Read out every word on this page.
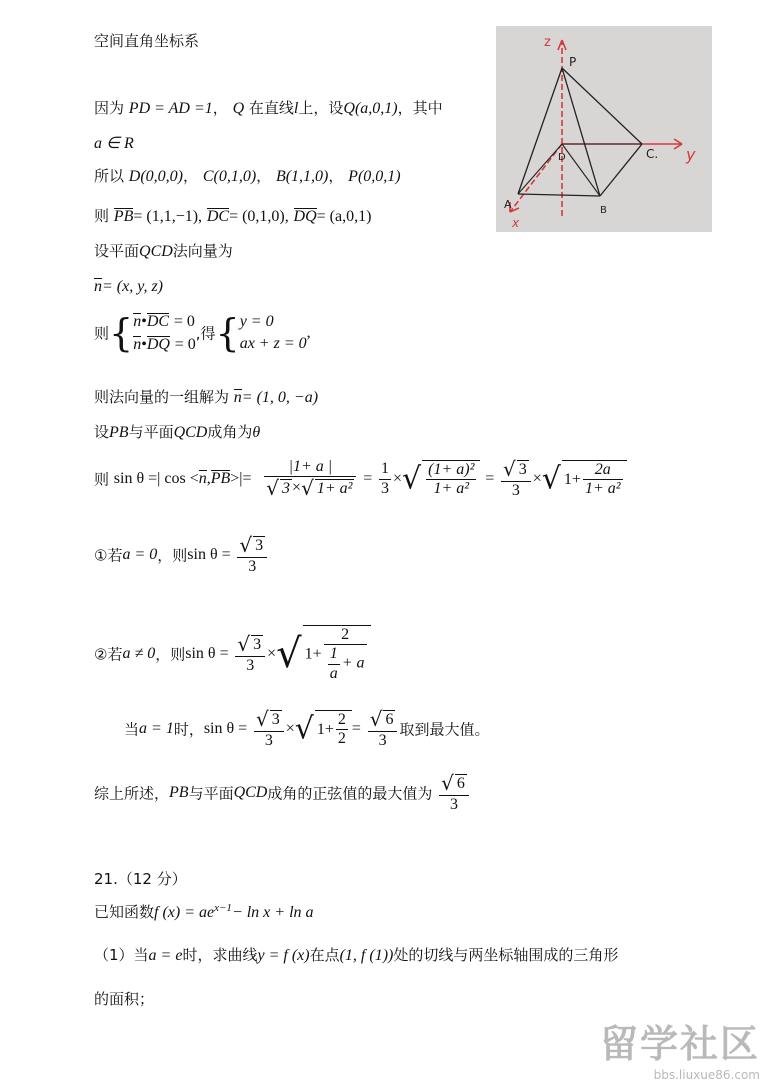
空间直角坐标系	z
P
D	C. y
A
x
B
因为 PD = AD =1， Q 在直线l上，设Q(a,0,1)，其中
a ∈ R
所以 D(0,0,0)， C(0,1,0)， B(1,1,0)， P(0,0,1)
则 PB= (1,1,−1), DC= (0,1,0), DQ= (a,0,1)
设平面QCD法向量为
n= (x, y, z)
则{ n•DC = 0
n•DQ = 0
,得{ y = 0
ax + z = 0
,
则法向量的一组解为 n= (1, 0, −a)
设PB与平面QCD成角为θ
则 sin θ =| $\cos <n,PB>|= \frac{|1+ a |}{\text{√ 3 ×√ 1+ a²}} = \frac{1}{3}$ ×√ $\frac{\text{(1+ a)²}}{\text{1+ a²}} = \frac{√ 3}{3}$ ×√ $1+ \frac{2a}{\text{1+ a²}}$
①若a = 0，则$\sin \theta = \frac{√ 3}{3}$
②若a ≠ 0，则$\sin \theta = \frac{√ 3}{3}$ ×√ $1+ \frac{2}{\frac{1}{a} + a}$
当a = 1时，$\sin \theta = \frac{√ 3}{3}$ ×√ $1+ \frac{2}{2} = \frac{√ 6}{3}$ 取到最大值。
综上所述，PB与平面QCD成角的正弦值的最大值为 $\frac{√ 6}{3}$
21.（12 分）
已知函数f $(x) = ae^{x-1}- \ln x + \ln a$
（1）当a = e时，求曲线y = f (x)在点(1, f (1))处的切线与两坐标轴围成的三角形
的面积；
留学社区
bbs.liuxue86.com
